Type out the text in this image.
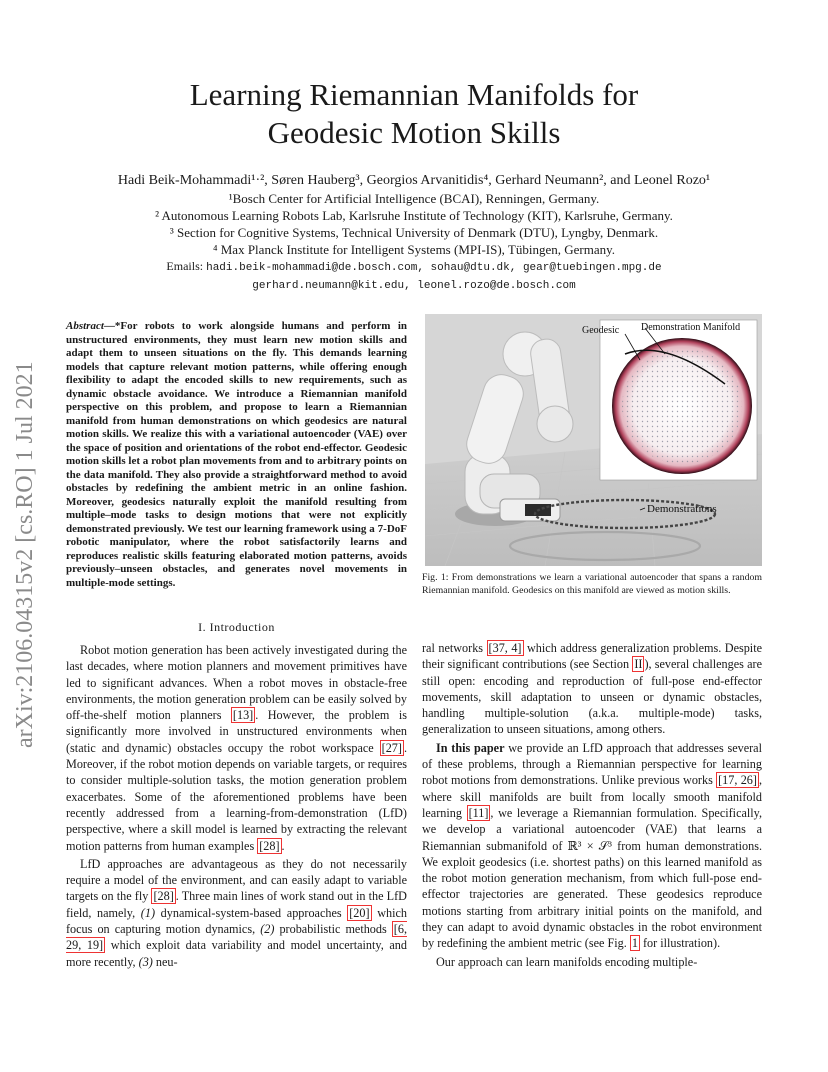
arXiv:2106.04315v2 [cs.RO] 1 Jul 2021
Learning Riemannian Manifolds for
Geodesic Motion Skills
Hadi Beik-Mohammadi¹·², Søren Hauberg³, Georgios Arvanitidis⁴, Gerhard Neumann², and Leonel Rozo¹
¹Bosch Center for Artificial Intelligence (BCAI), Renningen, Germany.
² Autonomous Learning Robots Lab, Karlsruhe Institute of Technology (KIT), Karlsruhe, Germany.
³ Section for Cognitive Systems, Technical University of Denmark (DTU), Lyngby, Denmark.
⁴ Max Planck Institute for Intelligent Systems (MPI-IS), Tübingen, Germany.
Emails: hadi.beik-mohammadi@de.bosch.com, sohau@dtu.dk, gear@tuebingen.mpg.de
gerhard.neumann@kit.edu, leonel.rozo@de.bosch.com

Abstract—*For robots to work alongside humans and perform in unstructured environments, they must learn new motion skills and adapt them to unseen situations on the fly. This demands learning models that capture relevant motion patterns, while offering enough flexibility to adapt the encoded skills to new requirements, such as dynamic obstacle avoidance. We introduce a Riemannian manifold perspective on this problem, and propose to learn a Riemannian manifold from human demonstrations on which geodesics are natural motion skills. We realize this with a variational autoencoder (VAE) over the space of position and orientations of the robot end-effector. Geodesic motion skills let a robot plan movements from and to arbitrary points on the data manifold. They also provide a straightforward method to avoid obstacles by redefining the ambient metric in an online fashion. Moreover, geodesics naturally exploit the manifold resulting from multiple–mode tasks to design motions that were not explicitly demonstrated previously. We test our learning framework using a 7-DoF robotic manipulator, where the robot satisfactorily learns and reproduces realistic skills featuring elaborated motion patterns, avoids previously–unseen obstacles, and generates novel movements in multiple-mode settings.

Geodesic Demonstration Manifold
Demonstrations

Fig. 1: From demonstrations we learn a variational autoencoder that spans a random Riemannian manifold. Geodesics on this manifold are viewed as motion skills.

I. Introduction

Robot motion generation has been actively investigated during the last decades, where motion planners and movement primitives have led to significant advances. When a robot moves in obstacle-free environments, the motion generation problem can be easily solved by off-the-shelf motion planners [13] . However, the problem is significantly more involved in unstructured environments when (static and dynamic) obstacles occupy the robot workspace [27] . Moreover, if the robot motion depends on variable targets, or requires to consider multiple-solution tasks, the motion generation problem exacerbates. Some of the aforementioned problems have been recently addressed from a learning-from-demonstration (LfD) perspective, where a skill model is learned by extracting the relevant motion patterns from human examples [28] .

LfD approaches are advantageous as they do not necessarily require a model of the environment, and can easily adapt to variable targets on the fly [28] . Three main lines of work stand out in the LfD field, namely, (1) dynamical-system-based approaches [20] which focus on capturing motion dynamics, (2) probabilistic methods [6, 29, 19] which exploit data variability and model uncertainty, and more recently, (3) neu-

ral networks [37, 4] which address generalization problems. Despite their significant contributions (see Section II ), several challenges are still open: encoding and reproduction of full-pose end-effector movements, skill adaptation to unseen or dynamic obstacles, handling multiple-solution (a.k.a. multiple-mode) tasks, generalization to unseen situations, among others.

In this paper we provide an LfD approach that addresses several of these problems, through a Riemannian perspective for learning robot motions from demonstrations. Unlike previous works [17, 26] , where skill manifolds are built from locally smooth manifold learning [11] , we leverage a Riemannian formulation. Specifically, we develop a variational autoencoder (VAE) that learns a Riemannian submanifold of ℝ³ × 𝒮³ from human demonstrations. We exploit geodesics (i.e. shortest paths) on this learned manifold as the robot motion generation mechanism, from which full-pose end-effector trajectories are generated. These geodesics reproduce motions starting from arbitrary initial points on the manifold, and they can adapt to avoid dynamic obstacles in the robot environment by redefining the ambient metric (see Fig. 1 for illustration).

Our approach can learn manifolds encoding multiple-
